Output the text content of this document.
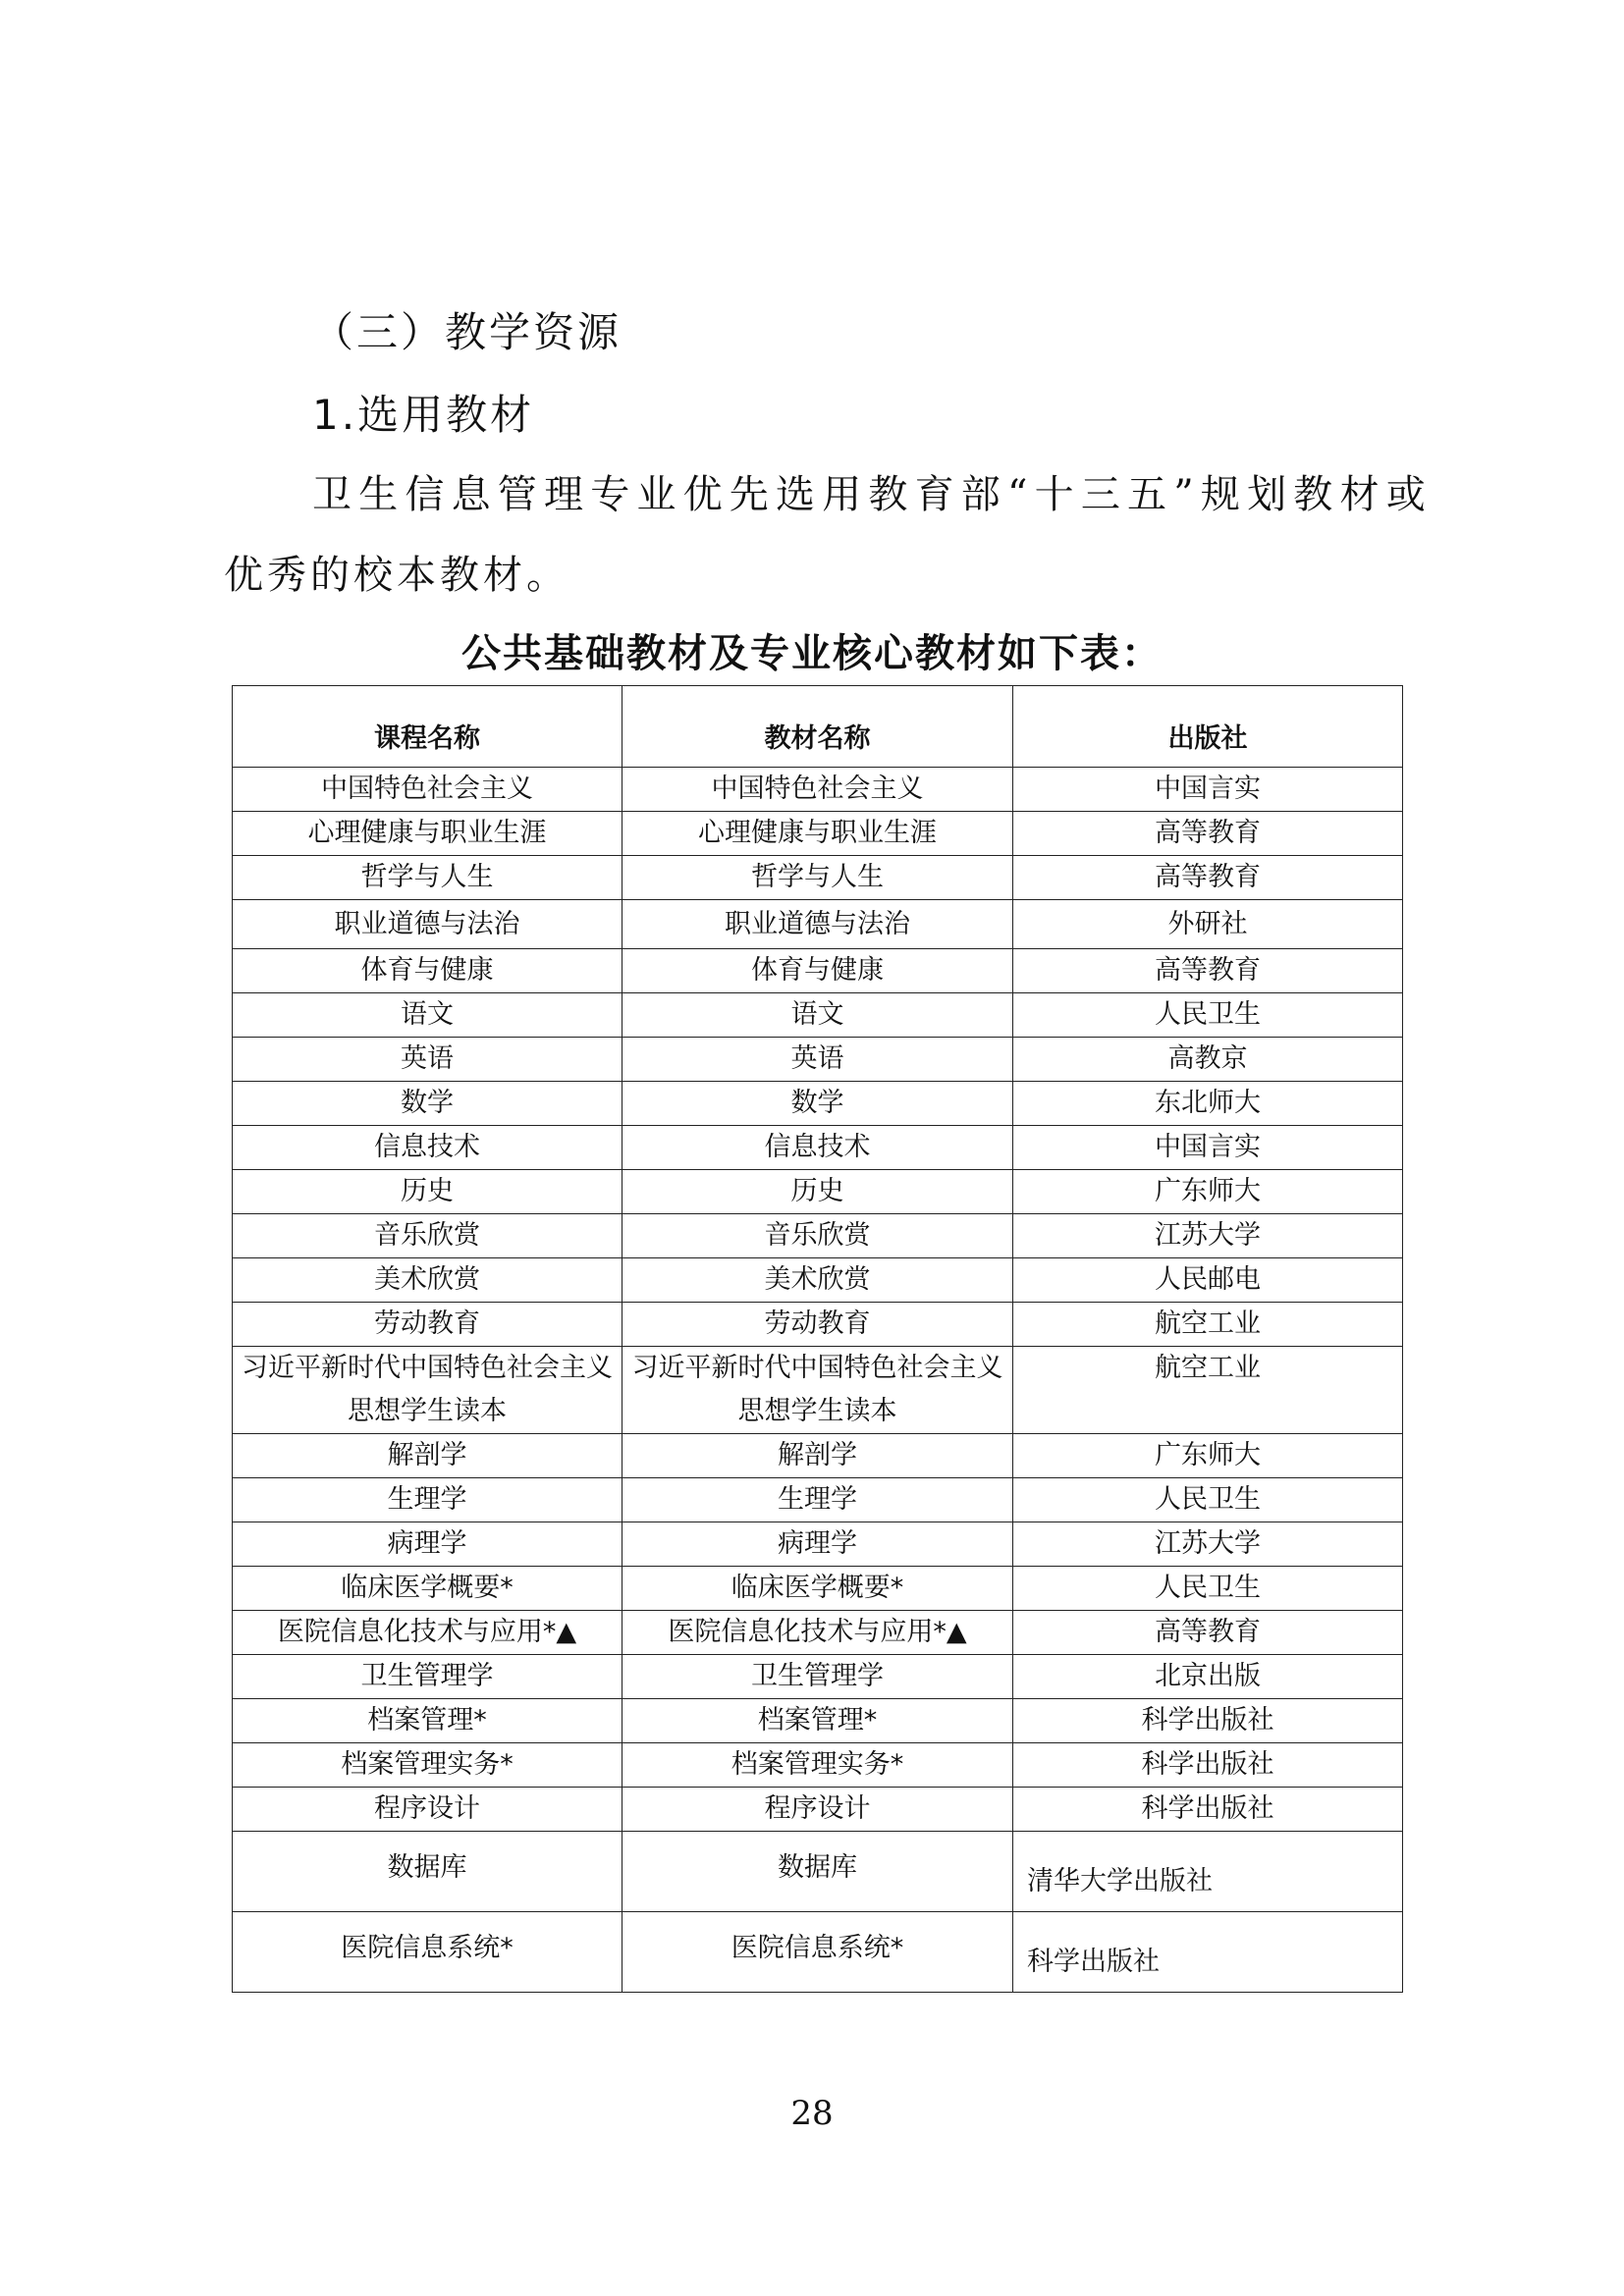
（三）教学资源
1.选用教材

卫生信息管理专业优先选用教育部“十三五”规划教材或

优秀的校本教材。

公共基础教材及专业核心教材如下表：

课程名称	教材名称	出版社
中国特色社会主义	中国特色社会主义	中国言实
心理健康与职业生涯	心理健康与职业生涯	高等教育
哲学与人生	哲学与人生	高等教育
职业道德与法治	职业道德与法治	外研社
体育与健康	体育与健康	高等教育
语文	语文	人民卫生
英语	英语	高教京
数学	数学	东北师大
信息技术	信息技术	中国言实
历史	历史	广东师大
音乐欣赏	音乐欣赏	江苏大学
美术欣赏	美术欣赏	人民邮电
劳动教育	劳动教育	航空工业
习近平新时代中国特色社会主义思想学生读本	习近平新时代中国特色社会主义思想学生读本	航空工业
解剖学	解剖学	广东师大
生理学	生理学	人民卫生
病理学	病理学	江苏大学
临床医学概要*	临床医学概要*	人民卫生
医院信息化技术与应用*▲	医院信息化技术与应用*▲	高等教育
卫生管理学	卫生管理学	北京出版
档案管理*	档案管理*	科学出版社
档案管理实务*	档案管理实务*	科学出版社
程序设计	程序设计	科学出版社
数据库	数据库	清华大学出版社
医院信息系统*	医院信息系统*	科学出版社

28
